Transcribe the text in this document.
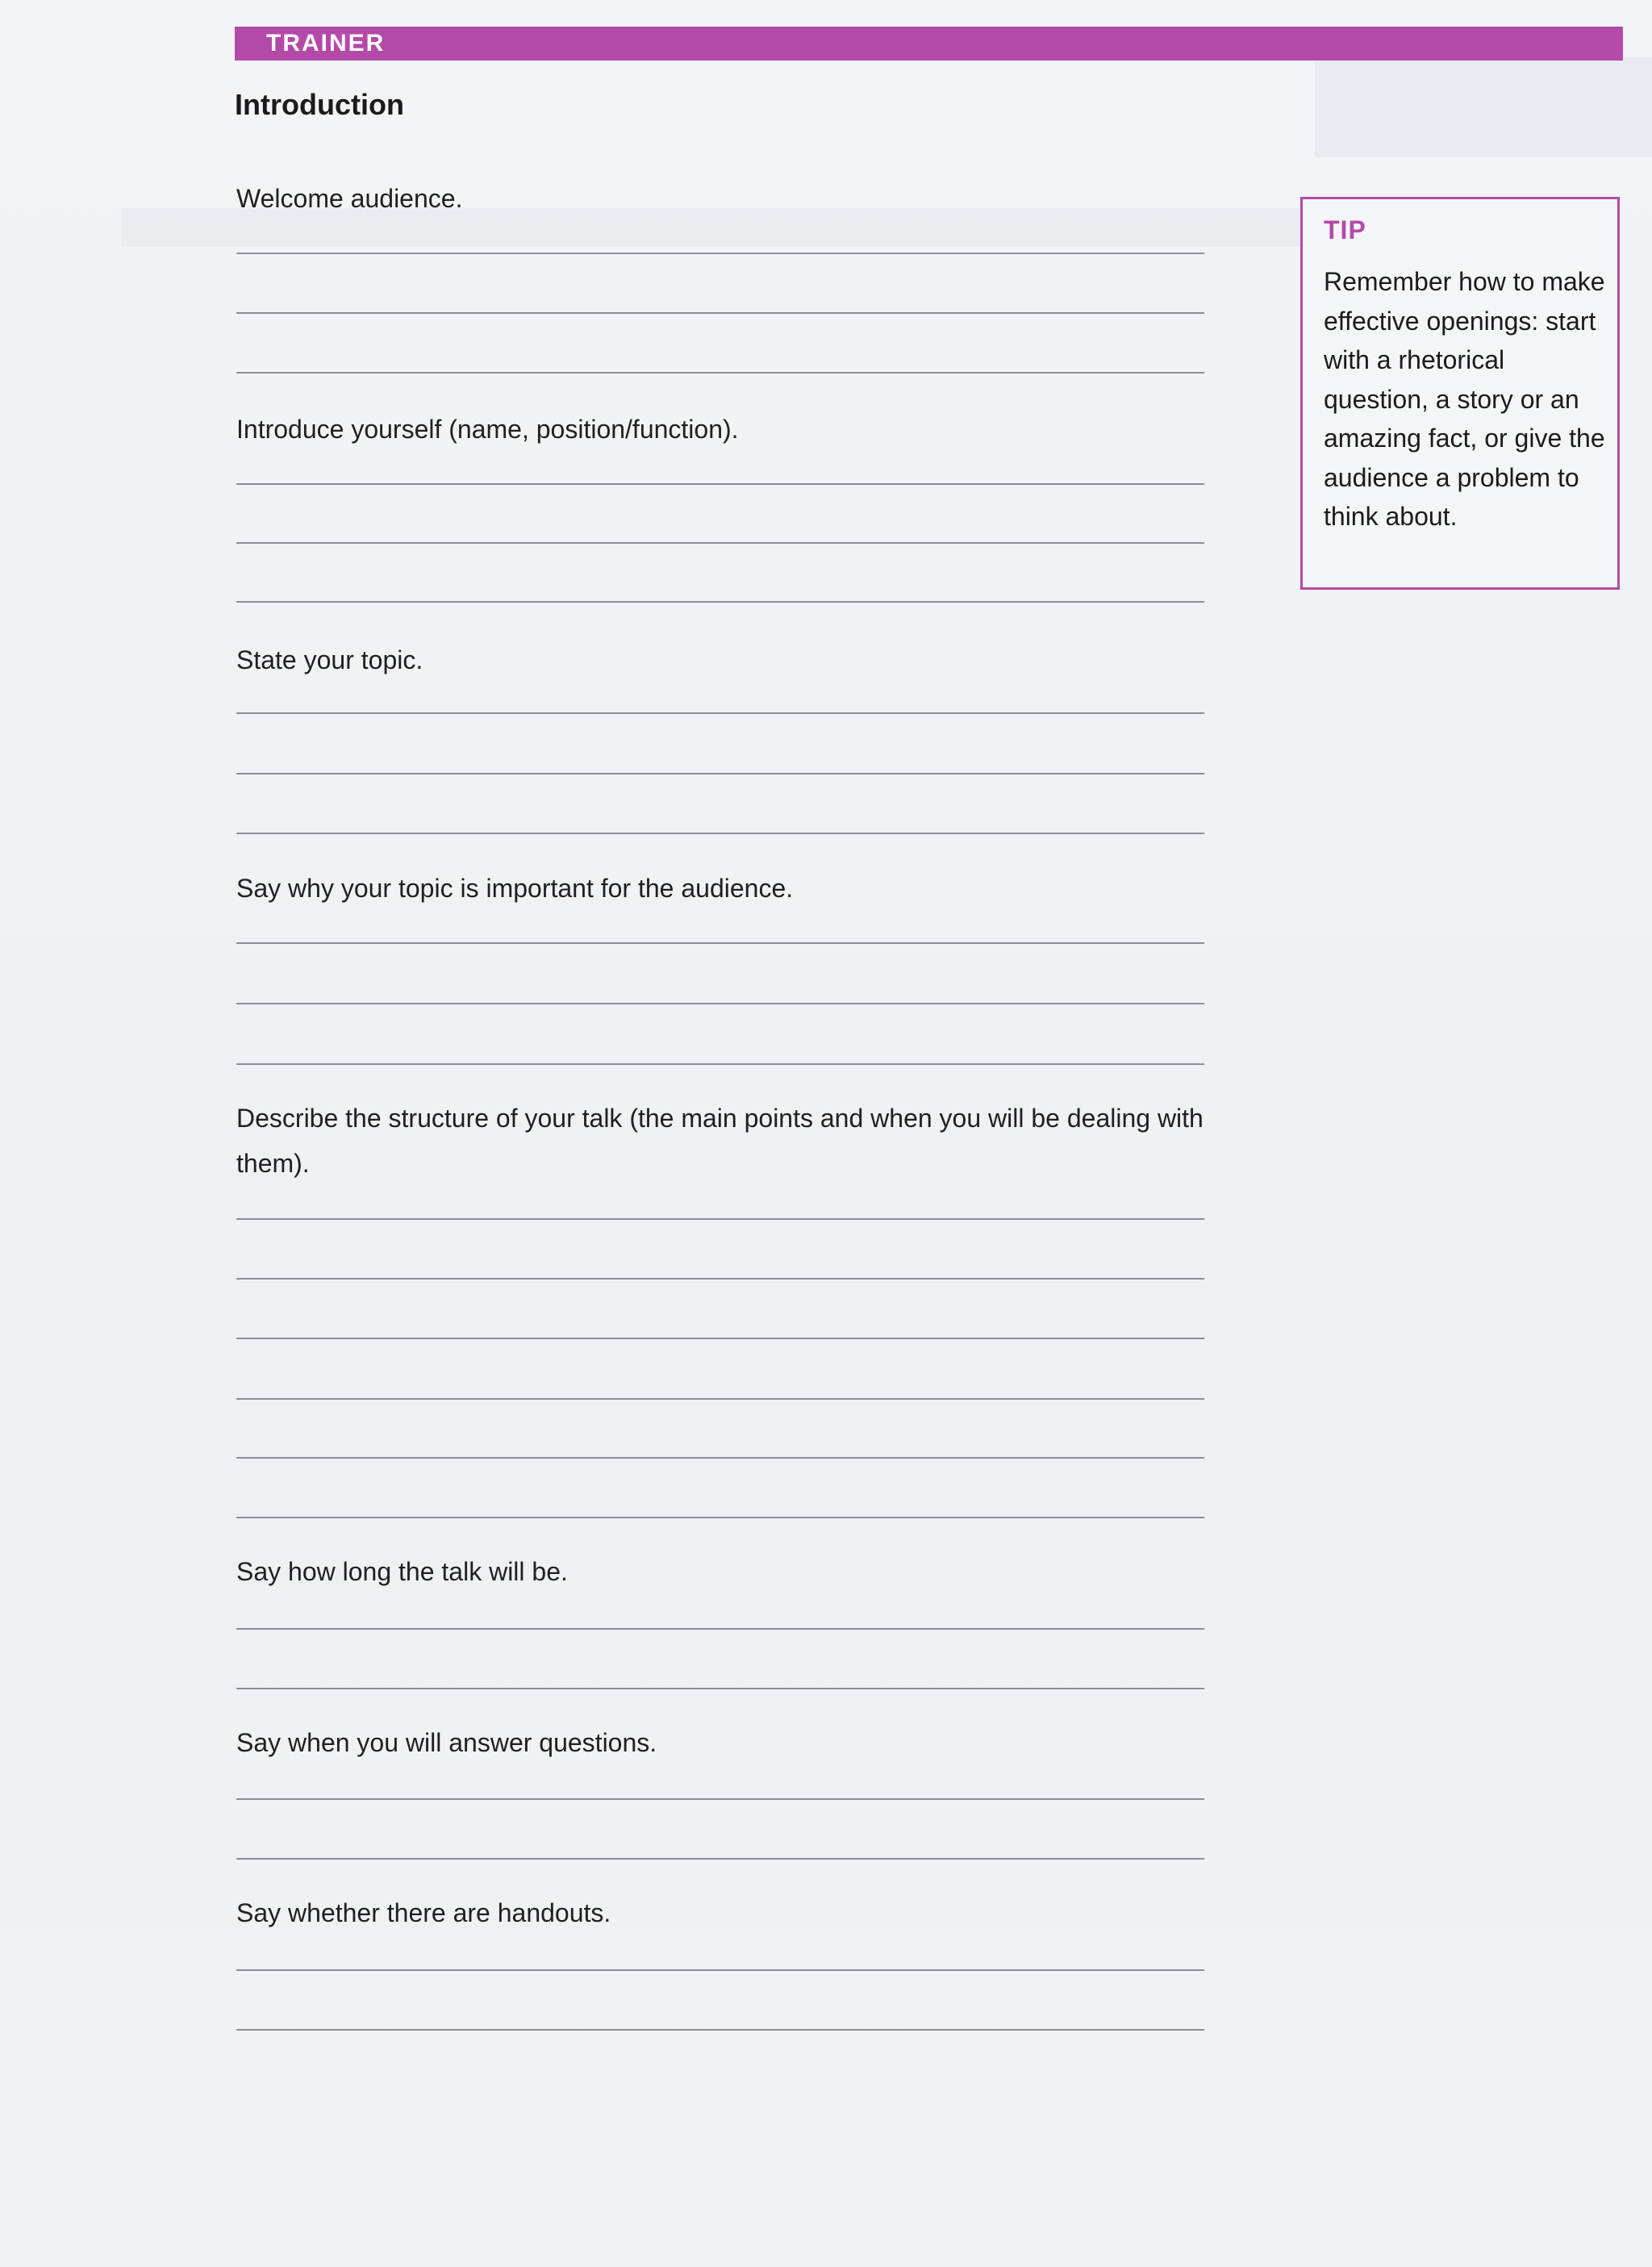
TRAINER
Introduction
Welcome audience.
Introduce yourself (name, position/function).
State your topic.
Say why your topic is important for the audience.
Describe the structure of your talk (the main points and when you will be dealing with them).
Say how long the talk will be.
Say when you will answer questions.
Say whether there are handouts.
TIP
Remember how to make effective openings: start with a rhetorical question, a story or an amazing fact, or give the audience a problem to think about.
